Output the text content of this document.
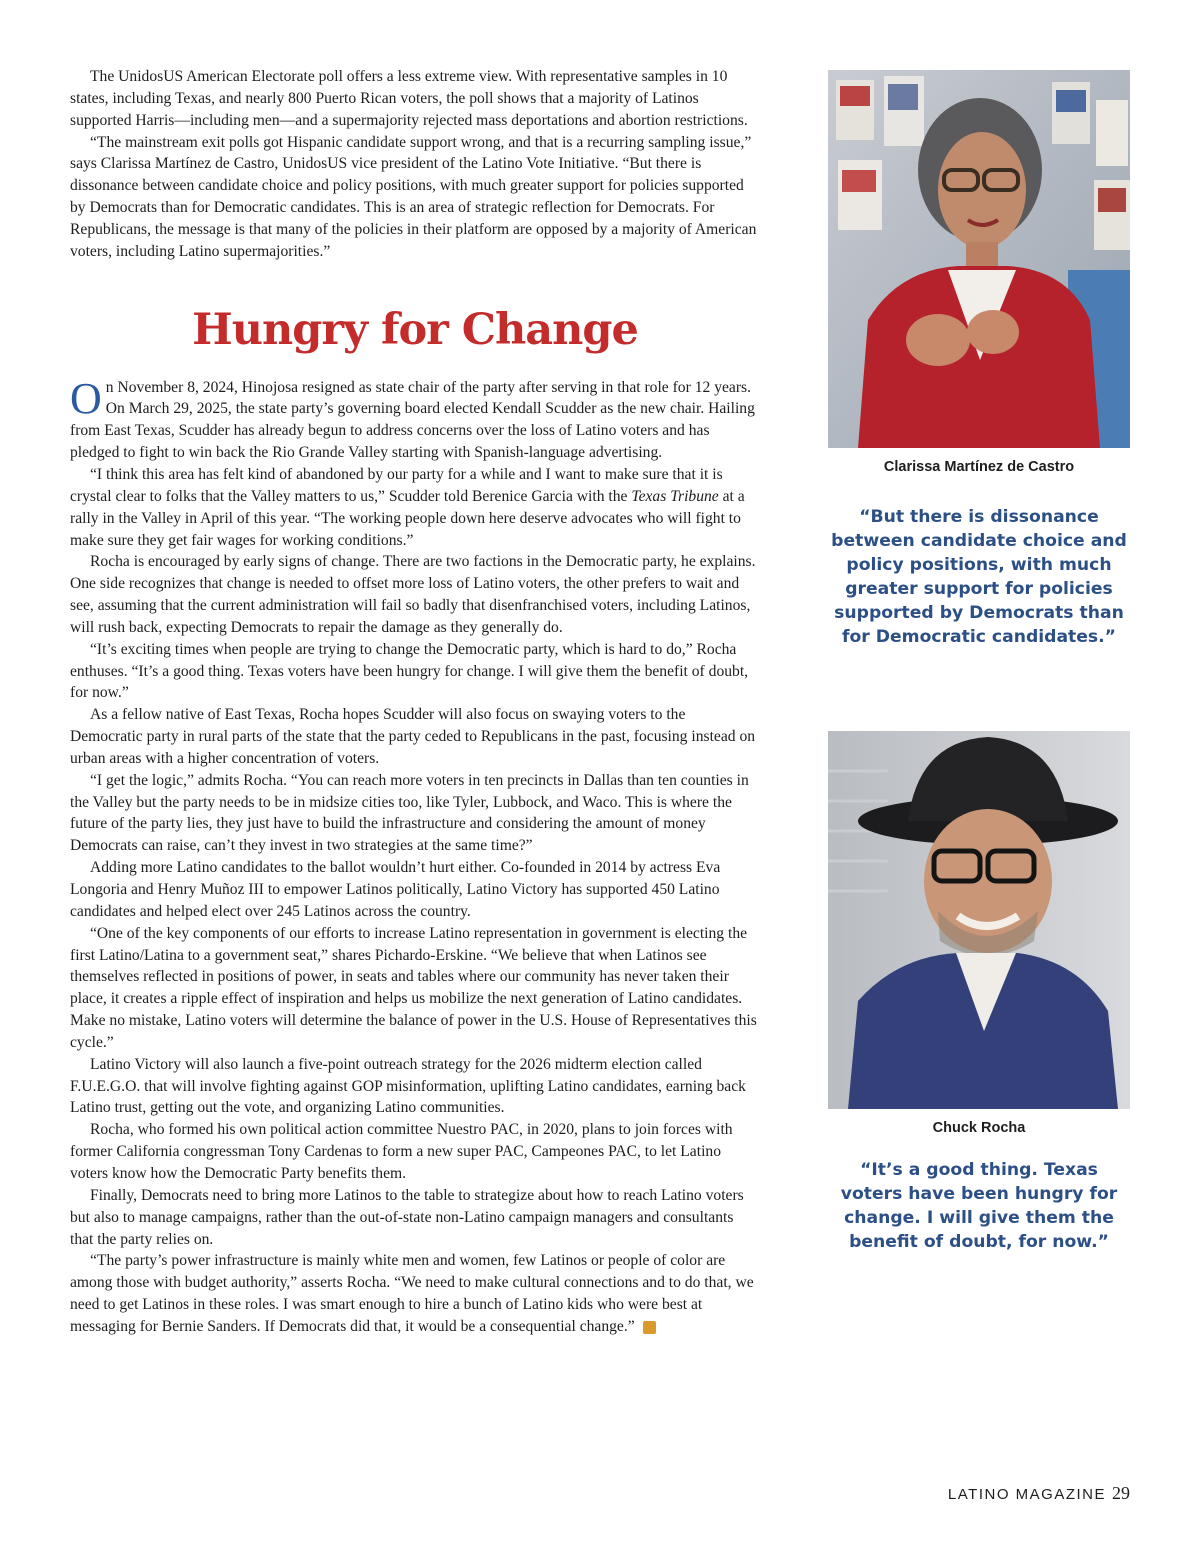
The UnidosUS American Electorate poll offers a less extreme view. With representative samples in 10 states, including Texas, and nearly 800 Puerto Rican voters, the poll shows that a majority of Latinos supported Harris—including men—and a supermajority rejected mass deportations and abortion restrictions.

“The mainstream exit polls got Hispanic candidate support wrong, and that is a recurring sampling issue,” says Clarissa Martínez de Castro, UnidosUS vice president of the Latino Vote Initiative. “But there is dissonance between candidate choice and policy positions, with much greater support for policies supported by Democrats than for Democratic candidates. This is an area of strategic reflection for Democrats. For Republicans, the message is that many of the policies in their platform are opposed by a majority of American voters, including Latino supermajorities.”

Hungry for Change

On November 8, 2024, Hinojosa resigned as state chair of the party after serving in that role for 12 years. On March 29, 2025, the state party’s governing board elected Kendall Scudder as the new chair. Hailing from East Texas, Scudder has already begun to address concerns over the loss of Latino voters and has pledged to fight to win back the Rio Grande Valley starting with Spanish-language advertising.

“I think this area has felt kind of abandoned by our party for a while and I want to make sure that it is crystal clear to folks that the Valley matters to us,” Scudder told Berenice Garcia with the Texas Tribune at a rally in the Valley in April of this year. “The working people down here deserve advocates who will fight to make sure they get fair wages for working conditions.”

Rocha is encouraged by early signs of change. There are two factions in the Democratic party, he explains. One side recognizes that change is needed to offset more loss of Latino voters, the other prefers to wait and see, assuming that the current administration will fail so badly that disenfranchised voters, including Latinos, will rush back, expecting Democrats to repair the damage as they generally do.

“It’s exciting times when people are trying to change the Democratic party, which is hard to do,” Rocha enthuses. “It’s a good thing. Texas voters have been hungry for change. I will give them the benefit of doubt, for now.”

As a fellow native of East Texas, Rocha hopes Scudder will also focus on swaying voters to the Democratic party in rural parts of the state that the party ceded to Republicans in the past, focusing instead on urban areas with a higher concentration of voters.

“I get the logic,” admits Rocha. “You can reach more voters in ten precincts in Dallas than ten counties in the Valley but the party needs to be in midsize cities too, like Tyler, Lubbock, and Waco. This is where the future of the party lies, they just have to build the infrastructure and considering the amount of money Democrats can raise, can’t they invest in two strategies at the same time?”

Adding more Latino candidates to the ballot wouldn’t hurt either. Co-founded in 2014 by actress Eva Longoria and Henry Muñoz III to empower Latinos politically, Latino Victory has supported 450 Latino candidates and helped elect over 245 Latinos across the country.

“One of the key components of our efforts to increase Latino representation in government is electing the first Latino/Latina to a government seat,” shares Pichardo-Erskine. “We believe that when Latinos see themselves reflected in positions of power, in seats and tables where our community has never taken their place, it creates a ripple effect of inspiration and helps us mobilize the next generation of Latino candidates. Make no mistake, Latino voters will determine the balance of power in the U.S. House of Representatives this cycle.”

Latino Victory will also launch a five-point outreach strategy for the 2026 midterm election called F.U.E.G.O. that will involve fighting against GOP misinformation, uplifting Latino candidates, earning back Latino trust, getting out the vote, and organizing Latino communities.

Rocha, who formed his own political action committee Nuestro PAC, in 2020, plans to join forces with former California congressman Tony Cardenas to form a new super PAC, Campeones PAC, to let Latino voters know how the Democratic Party benefits them.

Finally, Democrats need to bring more Latinos to the table to strategize about how to reach Latino voters but also to manage campaigns, rather than the out-of-state non-Latino campaign managers and consultants that the party relies on.

“The party’s power infrastructure is mainly white men and women, few Latinos or people of color are among those with budget authority,” asserts Rocha. “We need to make cultural connections and to do that, we need to get Latinos in these roles. I was smart enough to hire a bunch of Latino kids who were best at messaging for Bernie Sanders. If Democrats did that, it would be a consequential change.”	L

Clarissa Martínez de Castro
“But there is dissonance between candidate choice and policy positions, with much greater support for policies supported by Democrats than for Democratic candidates.”
Chuck Rocha
“It’s a good thing. Texas voters have been hungry for change. I will give them the benefit of doubt, for now.”
LATINO MAGAZINE 29
